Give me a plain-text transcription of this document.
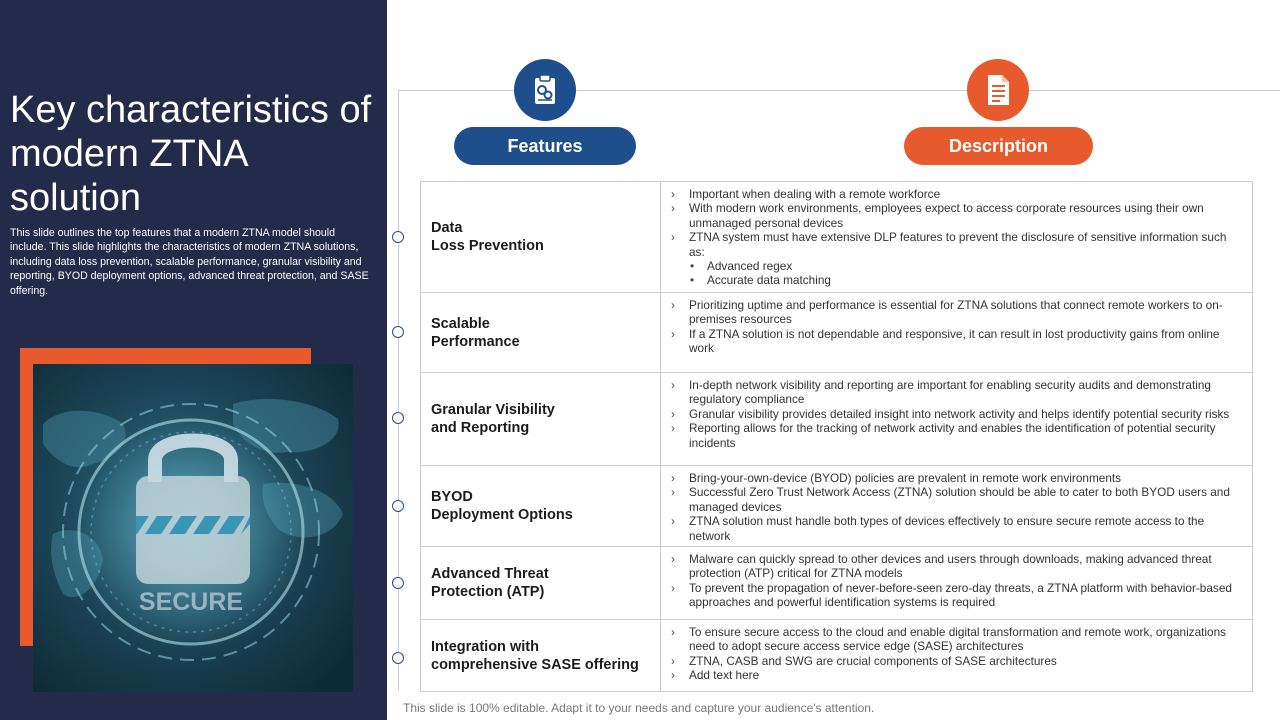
Key characteristics of modern ZTNA solution
This slide outlines the top features that a modern ZTNA model should include. This slide highlights the characteristics of modern ZTNA solutions, including data loss prevention, scalable performance, granular visibility and reporting, BYOD deployment options, advanced threat protection, and SASE offering.
SECURE
Features	Description
Data
Loss Prevention
› Important when dealing with a remote workforce
› With modern work environments, employees expect to access corporate resources using their own unmanaged personal devices
› ZTNA system must have extensive DLP features to prevent the disclosure of sensitive information such as:
• Advanced regex
• Accurate data matching
Scalable
Performance
› Prioritizing uptime and performance is essential for ZTNA solutions that connect remote workers to on-premises resources
› If a ZTNA solution is not dependable and responsive, it can result in lost productivity gains from online work
Granular Visibility
and Reporting
› In-depth network visibility and reporting are important for enabling security audits and demonstrating regulatory compliance
› Granular visibility provides detailed insight into network activity and helps identify potential security risks
› Reporting allows for the tracking of network activity and enables the identification of potential security incidents
BYOD
Deployment Options
› Bring-your-own-device (BYOD) policies are prevalent in remote work environments
› Successful Zero Trust Network Access (ZTNA) solution should be able to cater to both BYOD users and managed devices
› ZTNA solution must handle both types of devices effectively to ensure secure remote access to the network
Advanced Threat
Protection (ATP)
› Malware can quickly spread to other devices and users through downloads, making advanced threat protection (ATP) critical for ZTNA models
› To prevent the propagation of never-before-seen zero-day threats, a ZTNA platform with behavior-based approaches and powerful identification systems is required
Integration with
comprehensive SASE offering
› To ensure secure access to the cloud and enable digital transformation and remote work, organizations need to adopt secure access service edge (SASE) architectures
› ZTNA, CASB and SWG are crucial components of SASE architectures
› Add text here
This slide is 100% editable. Adapt it to your needs and capture your audience's attention.
